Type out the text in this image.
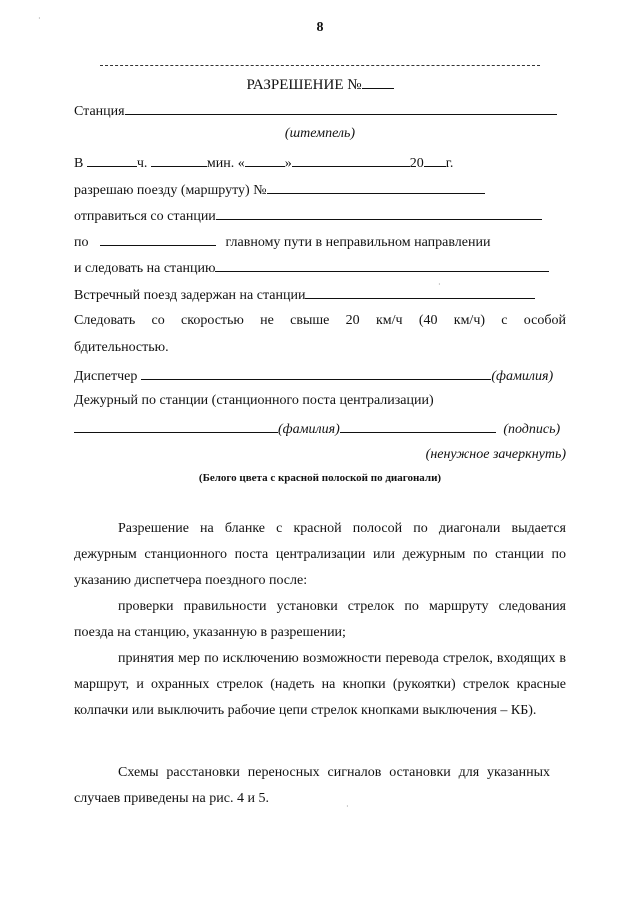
·
8
РАЗРЕШЕНИЕ №
Станция
(штемпель)
В	ч.	мин. «	»	20 г.
разрешаю поезду (маршруту) №
отправиться со станции
по	главному пути в неправильном направлении
и следовать на станцию
Встречный поезд задержан на станции
Следовать со скоростью не свыше 20 км/ч (40 км/ч) с особой
бдительностью.
Диспетчер	(фамилия)
Дежурный по станции (станционного поста централизации)
(фамилия)	(подпись)
(ненужное зачеркнуть)
(Белого цвета с красной полоской по диагонали)
Разрешение на бланке с красной полосой по диагонали выдается дежурным станционного поста централизации или дежурным по станции по указанию диспетчера поездного после:
проверки правильности установки стрелок по маршруту следования поезда на станцию, указанную в разрешении;
принятия мер по исключению возможности перевода стрелок, входящих в маршрут, и охранных стрелок (надеть на кнопки (рукоятки) стрелок красные колпачки или выключить рабочие цепи стрелок кнопками выключения – КБ).
Схемы расстановки переносных сигналов остановки для указанных случаев приведены на рис. 4 и 5.
·
·
